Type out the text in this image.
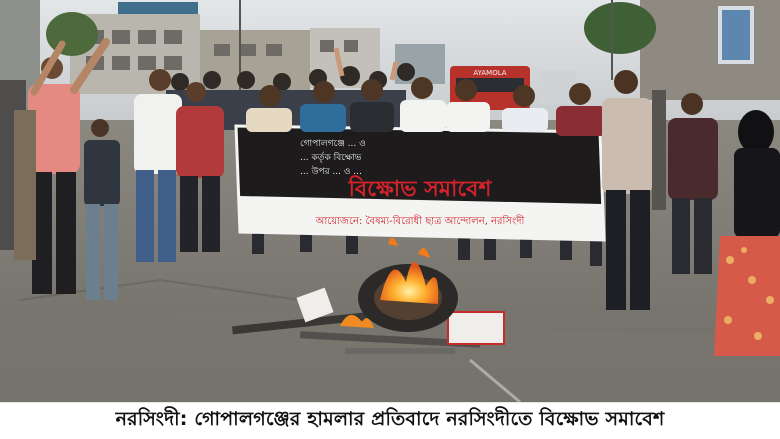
AYAMOLA
গোপালগঞ্জে ... ও
... কর্তৃক বিক্ষোভ
... উপর ... ও ...
বিক্ষোভ সমাবেশ
আয়োজনে: বৈষম্য-বিরোধী ছাত্র আন্দোলন, নরসিংদী
নরসিংদী: গোপালগঞ্জের হামলার প্রতিবাদে নরসিংদীতে বিক্ষোভ সমাবেশ
